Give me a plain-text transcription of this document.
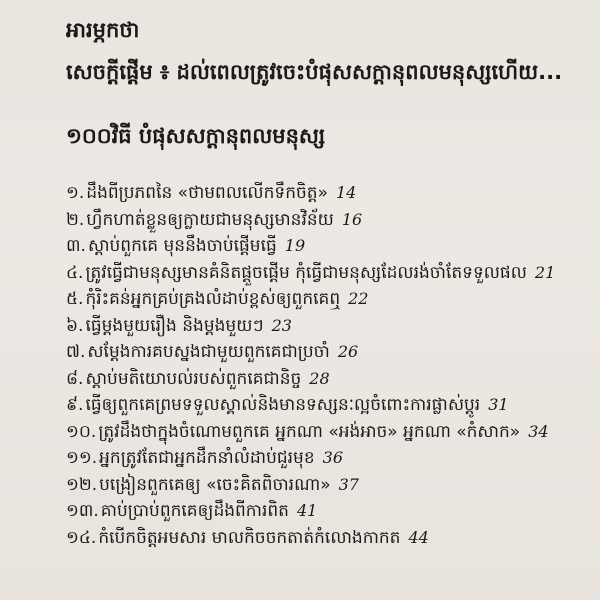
អារម្ភកថា
សេចក្តីផ្តើម ៖ ដល់ពេលត្រូវចេះបំផុសសក្តានុពលមនុស្សហើយ...
១០០វិធី បំផុសសក្តានុពលមនុស្ស
១. ដឹងពីប្រភពនៃ «ថាមពលលើកទឹកចិត្ត» 14
២. ហ្វឹកហាត់ខ្លួនឲ្យក្លាយជាមនុស្សមានវិន័យ 16
៣. ស្តាប់ពួកគេ មុននឹងចាប់ផ្តើមធ្វើ 19
៤. ត្រូវធ្វើជាមនុស្សមានគំនិតផ្តួចផ្តើម កុំធ្វើជាមនុស្សដែលរង់ចាំតែទទួលផល 21
៥. កុំរិះគន់អ្នកគ្រប់គ្រងលំដាប់ខ្ពស់ឲ្យពួកគេឮ 22
៦. ធ្វើម្តងមួយរឿង និងម្តងមួយៗ 23
៧. សម្តែងការគបស្នងជាមួយពួកគេជាប្រចាំ 26
៨. ស្តាប់មតិយោបល់របស់ពួកគេជានិច្ច 28
៩. ធ្វើឲ្យពួកគេព្រមទទួលស្គាល់និងមានទស្សនៈល្អចំពោះការផ្លាស់ប្តូរ 31
១០. ត្រូវដឹងថាក្នុងចំណោមពួកគេ អ្នកណា «អង់អាច» អ្នកណា «កំសាក» 34
១១. អ្នកត្រូវតែជាអ្នកដឹកនាំលំដាប់ជួរមុខ 36
១២. បង្រៀនពួកគេឲ្យ «ចេះគិតពិចារណា» 37
១៣. គាប់ប្រាប់ពួកគេឲ្យដឹងពីការពិត 41
១៤. កំបើកចិត្តអមសារ មាលកិចចកតាត់កំលោងកាកត 44
